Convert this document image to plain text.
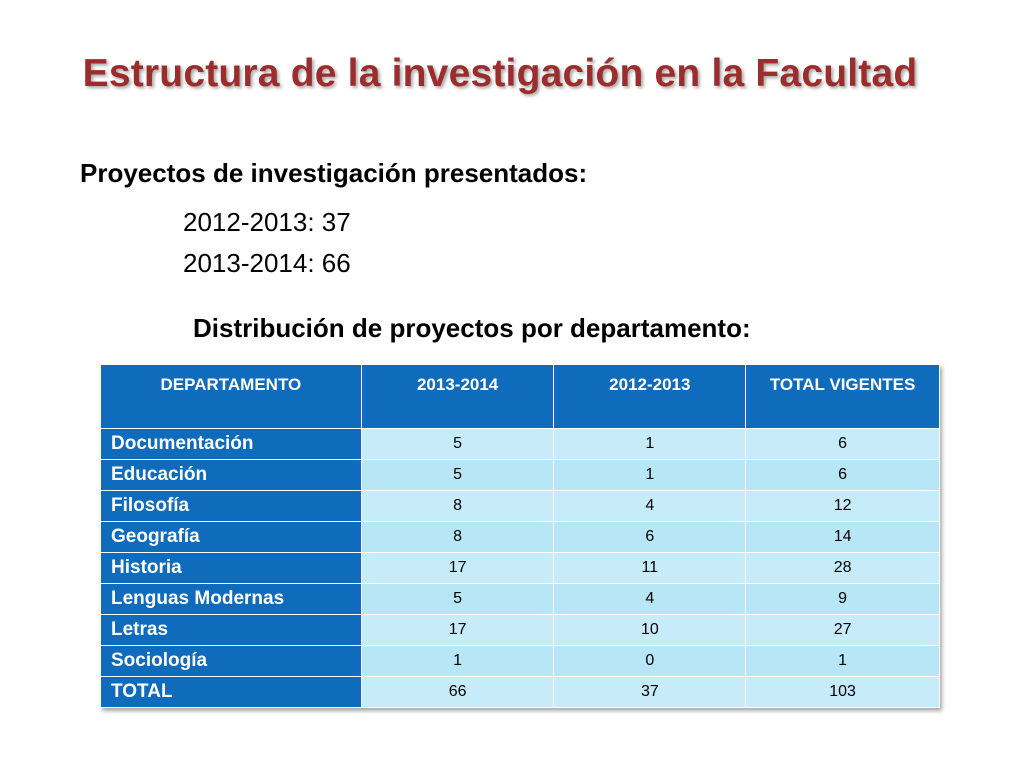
Estructura de la investigación en la Facultad
Proyectos de investigación presentados:
2012-2013: 37
2013-2014: 66
Distribución de proyectos por departamento:
DEPARTAMENTO	2013-2014	2012-2013	TOTAL VIGENTES
Documentación	5	1	6
Educación	5	1	6
Filosofía	8	4	12
Geografía	8	6	14
Historia	17	11	28
Lenguas Modernas	5	4	9
Letras	17	10	27
Sociología	1	0	1
TOTAL	66	37	103
